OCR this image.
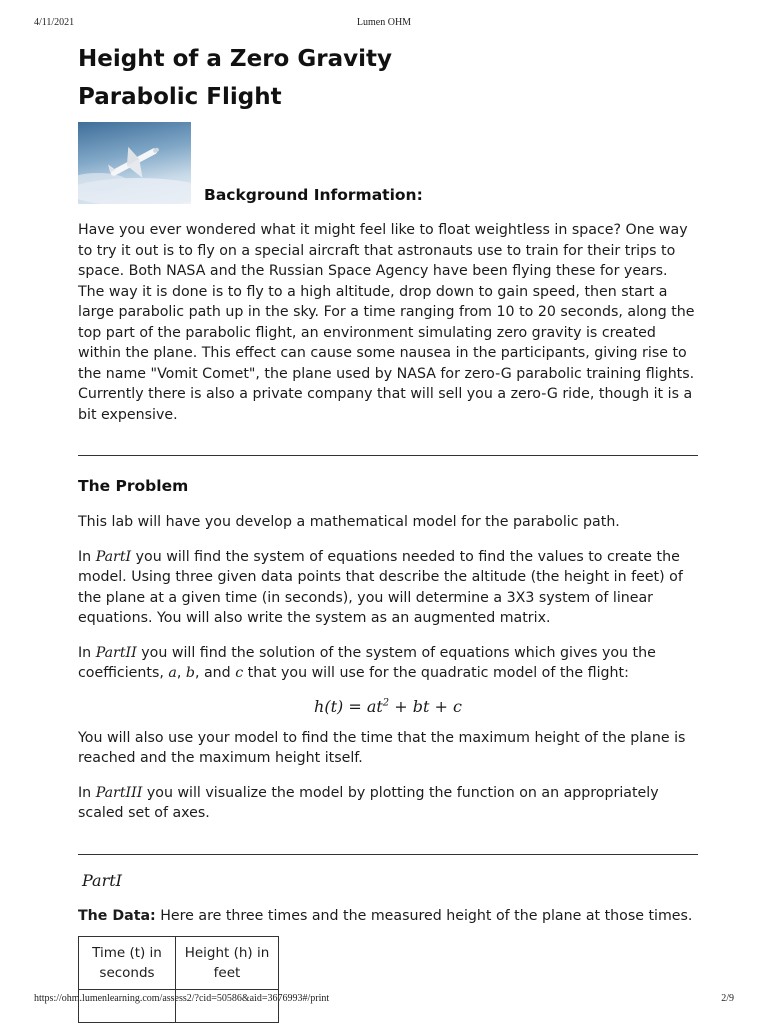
4/11/2021	Lumen OHM
Height of a Zero Gravity
Parabolic Flight
Background Information:

Have you ever wondered what it might feel like to float weightless in space? One way to try it out is to fly on a special aircraft that astronauts use to train for their trips to space. Both NASA and the Russian Space Agency have been flying these for years. The way it is done is to fly to a high altitude, drop down to gain speed, then start a large parabolic path up in the sky. For a time ranging from 10 to 20 seconds, along the top part of the parabolic flight, an environment simulating zero gravity is created within the plane. This effect can cause some nausea in the participants, giving rise to the name "Vomit Comet", the plane used by NASA for zero-G parabolic training flights. Currently there is also a private company that will sell you a zero-G ride, though it is a bit expensive.

The Problem

This lab will have you develop a mathematical model for the parabolic path.

In PartI you will find the system of equations needed to find the values to create the model. Using three given data points that describe the altitude (the height in feet) of the plane at a given time (in seconds), you will determine a 3X3 system of linear equations. You will also write the system as an augmented matrix.

In PartII you will find the solution of the system of equations which gives you the coefficients, a, b, and c that you will use for the quadratic model of the flight:

$h(t) = at^2$ + bt + c

You will also use your model to find the time that the maximum height of the plane is reached and the maximum height itself.

In PartIII you will visualize the model by plotting the function on an appropriately scaled set of axes.

PartI

The Data: Here are three times and the measured height of the plane at those times.

Time (t) in seconds	Height (h) in feet

https://ohm.lumenlearning.com/assess2/?cid=50586&aid=3676993#/print	2/9
